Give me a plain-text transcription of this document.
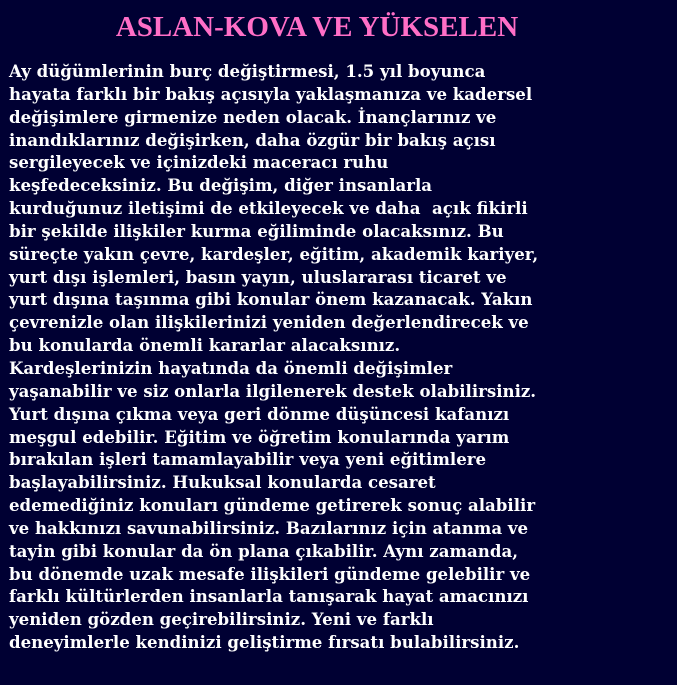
ASLAN-KOVA VE YÜKSELEN
Ay düğümlerinin burç değiştirmesi, 1.5 yıl boyunca
hayata farklı bir bakış açısıyla yaklaşmanıza ve kadersel
değişimlere girmenize neden olacak. İnançlarınız ve
inandıklarınız değişirken, daha özgür bir bakış açısı
sergileyecek ve içinizdeki maceracı ruhu
keşfedeceksiniz. Bu değişim, diğer insanlarla
kurduğunuz iletişimi de etkileyecek ve daha  açık fikirli
bir şekilde ilişkiler kurma eğiliminde olacaksınız. Bu
süreçte yakın çevre, kardeşler, eğitim, akademik kariyer,
yurt dışı işlemleri, basın yayın, uluslararası ticaret ve
yurt dışına taşınma gibi konular önem kazanacak. Yakın
çevrenizle olan ilişkilerinizi yeniden değerlendirecek ve
bu konularda önemli kararlar alacaksınız.
Kardeşlerinizin hayatında da önemli değişimler
yaşanabilir ve siz onlarla ilgilenerek destek olabilirsiniz.
Yurt dışına çıkma veya geri dönme düşüncesi kafanızı
meşgul edebilir. Eğitim ve öğretim konularında yarım
bırakılan işleri tamamlayabilir veya yeni eğitimlere
başlayabilirsiniz. Hukuksal konularda cesaret
edemediğiniz konuları gündeme getirerek sonuç alabilir
ve hakkınızı savunabilirsiniz. Bazılarınız için atanma ve
tayin gibi konular da ön plana çıkabilir. Aynı zamanda,
bu dönemde uzak mesafe ilişkileri gündeme gelebilir ve
farklı kültürlerden insanlarla tanışarak hayat amacınızı
yeniden gözden geçirebilirsiniz. Yeni ve farklı
deneyimlerle kendinizi geliştirme fırsatı bulabilirsiniz.
